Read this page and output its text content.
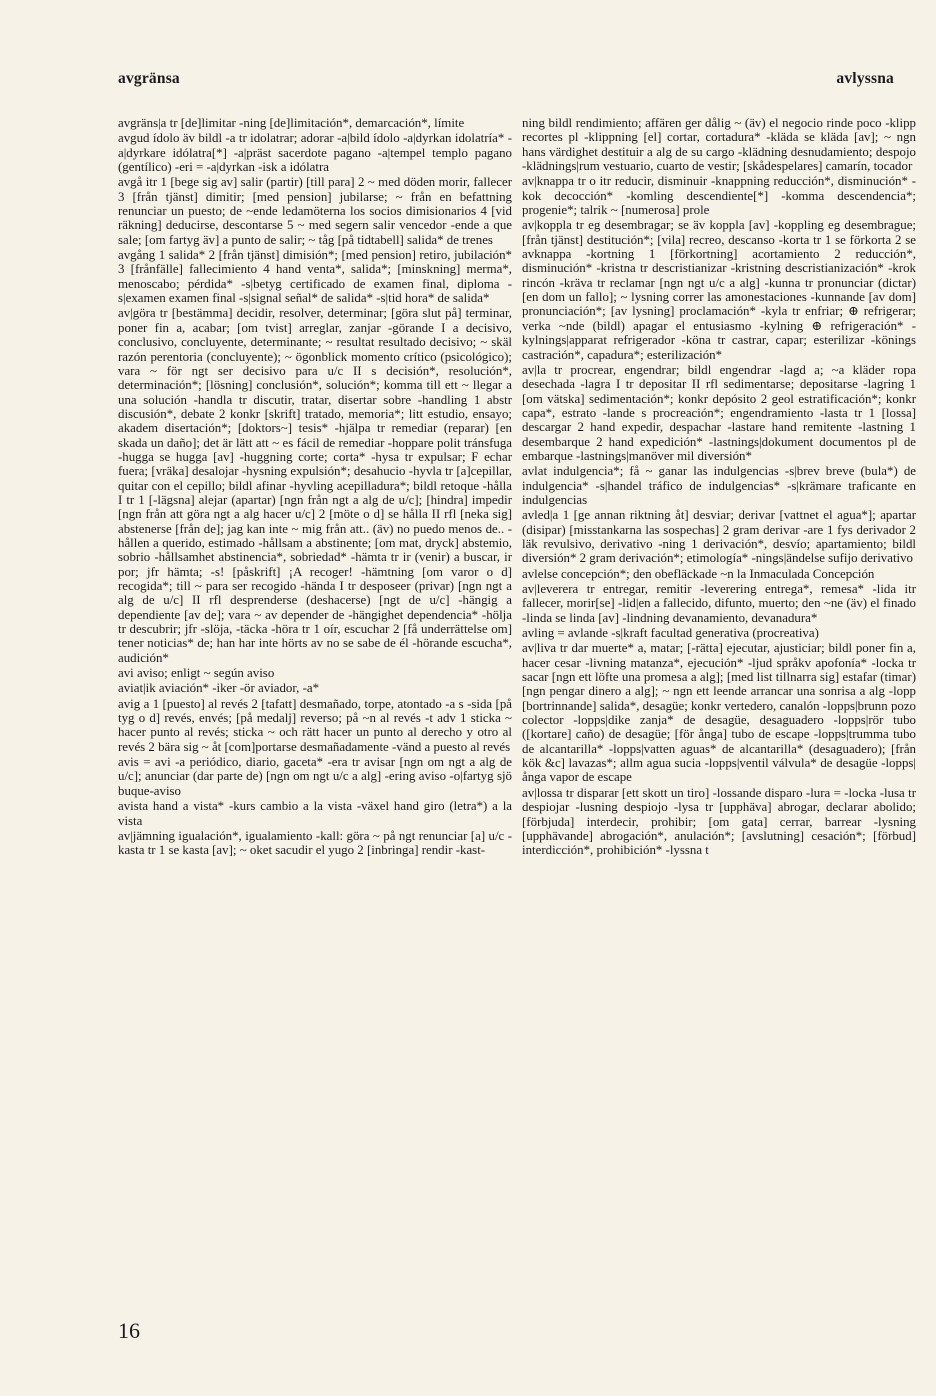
avgränsa	avlyssna

avgräns|a tr [de]limitar -ning [de]limitación*, demarcación*, límite

avgud ídolo äv bildl -a tr idolatrar; adorar -a|bild ídolo -a|dyrkan idolatría* -a|dyrkare idólatra[*] -a|präst sacerdote pagano -a|tempel templo pagano (gentílico) -eri = -a|dyrkan -isk a idólatra

avgå itr 1 [bege sig av] salir (partir) [till para] 2 ~ med döden morir, fallecer 3 [från tjänst] dimitir; [med pension] jubilarse; ~ från en befattning renunciar un puesto; de ~ende ledamöterna los socios dimisionarios 4 [vid räkning] deducirse, descontarse 5 ~ med segern salir vencedor -ende a que sale; [om fartyg äv] a punto de salir; ~ tåg [på tidtabell] salida* de trenes

avgång 1 salida* 2 [från tjänst] dimisión*; [med pension] retiro, jubilación* 3 [frånfälle] fallecimiento 4 hand venta*, salida*; [minskning] merma*, menoscabo; pérdida* -s|betyg certificado de examen final, diploma -s|examen examen final -s|signal señal* de salida* -s|tid hora* de salida*

av|göra tr [bestämma] decidir, resolver, determinar; [göra slut på] terminar, poner fin a, acabar; [om tvist] arreglar, zanjar -görande I a decisivo, conclusivo, concluyente, determinante; ~ resultat resultado decisivo; ~ skäl razón perentoria (concluyente); ~ ögonblick momento crítico (psicológico); vara ~ för ngt ser decisivo para u/c II s decisión*, resolución*, determinación*; [lösning] conclusión*, solución*; komma till ett ~ llegar a una solución -handla tr discutir, tratar, disertar sobre -handling 1 abstr discusión*, debate 2 konkr [skrift] tratado, memoria*; litt estudio, ensayo; akadem disertación*; [doktors~] tesis* -hjälpa tr remediar (reparar) [en skada un daño]; det är lätt att ~ es fácil de remediar -hoppare polit tránsfuga -hugga se hugga [av] -huggning corte; corta* -hysa tr expulsar; F echar fuera; [vräka] desalojar -hysning expulsión*; desahucio -hyvla tr [a]cepillar, quitar con el cepillo; bildl afinar -hyvling acepilladura*; bildl retoque -hålla I tr 1 [-lägsna] alejar (apartar) [ngn från ngt a alg de u/c]; [hindra] impedir [ngn från att göra ngt a alg hacer u/c] 2 [möte o d] se hålla II rfl [neka sig] abstenerse [från de]; jag kan inte ~ mig från att.. (äv) no puedo menos de.. -hållen a querido, estimado -hållsam a abstinente; [om mat, dryck] abstemio, sobrio -hållsamhet abstinencia*, sobriedad* -hämta tr ir (venir) a buscar, ir por; jfr hämta; -s! [påskrift] ¡A recoger! -hämtning [om varor o d] recogida*; till ~ para ser recogido -hända I tr desposeer (privar) [ngn ngt a alg de u/c] II rfl desprenderse (deshacerse) [ngt de u/c] -hängig a dependiente [av de]; vara ~ av depender de -hängighet dependencia* -hölja tr descubrir; jfr -slöja, -täcka -höra tr 1 oír, escuchar 2 [få underrättelse om] tener noticias* de; han har inte hörts av no se sabe de él -hörande escucha*, audición*

avi aviso; enligt ~ según aviso

aviat|ik aviación* -iker -ör aviador, -a*

avig a 1 [puesto] al revés 2 [tafatt] desmañado, torpe, atontado -a s -sida [på tyg o d] revés, envés; [på medalj] reverso; på ~n al revés -t adv 1 sticka ~ hacer punto al revés; sticka ~ och rätt hacer un punto al derecho y otro al revés 2 bära sig ~ åt [com]portarse desmañadamente -vänd a puesto al revés

avis = avi -a periódico, diario, gaceta* -era tr avisar [ngn om ngt a alg de u/c]; anunciar (dar parte de) [ngn om ngt u/c a alg] -ering aviso -o|fartyg sjö buque-aviso

avista hand a vista* -kurs cambio a la vista -växel hand giro (letra*) a la vista

av|jämning igualación*, igualamiento -kall: göra ~ på ngt renunciar [a] u/c -kasta tr 1 se kasta [av]; ~ oket sacudir el yugo 2 [inbringa] rendir -kast-

ning bildl rendimiento; affären ger dålig ~ (äv) el negocio rinde poco -klipp recortes pl -klippning [el] cortar, cortadura* -kläda se kläda [av]; ~ ngn hans värdighet destituir a alg de su cargo -klädning desnudamiento; despojo -klädnings|rum vestuario, cuarto de vestir; [skådespelares] camarín, tocador

av|knappa tr o itr reducir, disminuir -knappning reducción*, disminución* -kok decocción* -komling descendiente[*] -komma descendencia*; progenie*; talrik ~ [numerosa] prole

av|koppla tr eg desembragar; se äv koppla [av] -koppling eg desembrague; [från tjänst] destitución*; [vila] recreo, descanso -korta tr 1 se förkorta 2 se avknappa -kortning 1 [förkortning] acortamiento 2 reducción*, disminución* -kristna tr descristianizar -kristning descristianización* -krok rincón -kräva tr reclamar [ngn ngt u/c a alg] -kunna tr pronunciar (dictar) [en dom un fallo]; ~ lysning correr las amonestaciones -kunnande [av dom] pronunciación*; [av lysning] proclamación* -kyla tr enfriar; ⊕ refrigerar; verka ~nde (bildl) apagar el entusiasmo -kylning ⊕ refrigeración* -kylnings|apparat refrigerador -köna tr castrar, capar; esterilizar -könings castración*, capadura*; esterilización*

av|la tr procrear, engendrar; bildl engendrar -lagd a; ~a kläder ropa desechada -lagra I tr depositar II rfl sedimentarse; depositarse -lagring 1 [om vätska] sedimentación*; konkr depósito 2 geol estratificación*; konkr capa*, estrato -lande s procreación*; engendramiento -lasta tr 1 [lossa] descargar 2 hand expedir, despachar -lastare hand remitente -lastning 1 desembarque 2 hand expedición* -lastnings|dokument documentos pl de embarque -lastnings|manöver mil diversión*

avlat indulgencia*; få ~ ganar las indulgencias -s|brev breve (bula*) de indulgencia* -s|handel tráfico de indulgencias* -s|krämare traficante en indulgencias

avled|a 1 [ge annan riktning åt] desviar; derivar [vattnet el agua*]; apartar (disipar) [misstankarna las sospechas] 2 gram derivar -are 1 fys derivador 2 läk revulsivo, derivativo -ning 1 derivación*, desvío; apartamiento; bildl diversión* 2 gram derivación*; etimología* -nings|ändelse sufijo derivativo

avlelse concepción*; den obefläckade ~n la Inmaculada Concepción

av|leverera tr entregar, remitir -leverering entrega*, remesa* -lida itr fallecer, morir[se] -lid|en a fallecido, difunto, muerto; den ~ne (äv) el finado -linda se linda [av] -lindning devanamiento, devanadura*

avling = avlande -s|kraft facultad generativa (procreativa)

av|liva tr dar muerte* a, matar; [-rätta] ejecutar, ajusticiar; bildl poner fin a, hacer cesar -livning matanza*, ejecución* -ljud språkv apofonía* -locka tr sacar [ngn ett löfte una promesa a alg]; [med list tillnarra sig] estafar (timar) [ngn pengar dinero a alg]; ~ ngn ett leende arrancar una sonrisa a alg -lopp [bortrinnande] salida*, desagüe; konkr vertedero, canalón -lopps|brunn pozo colector -lopps|dike zanja* de desagüe, desaguadero -lopps|rör tubo ([kortare] caño) de desagüe; [för ånga] tubo de escape -lopps|trumma tubo de alcantarilla* -lopps|vatten aguas* de alcantarilla* (desaguadero); [från kök &c] lavazas*; allm agua sucia -lopps|ventil válvula* de desagüe -lopps|ånga vapor de escape

av|lossa tr disparar [ett skott un tiro] -lossande disparo -lura = -locka -lusa tr despiojar -lusning despiojo -lysa tr [upphäva] abrogar, declarar abolido; [förbjuda] interdecir, prohibir; [om gata] cerrar, barrear -lysning [upphävande] abrogación*, anulación*; [avslutning] cesación*; [förbud] interdicción*, prohibición* -lyssna t

16
